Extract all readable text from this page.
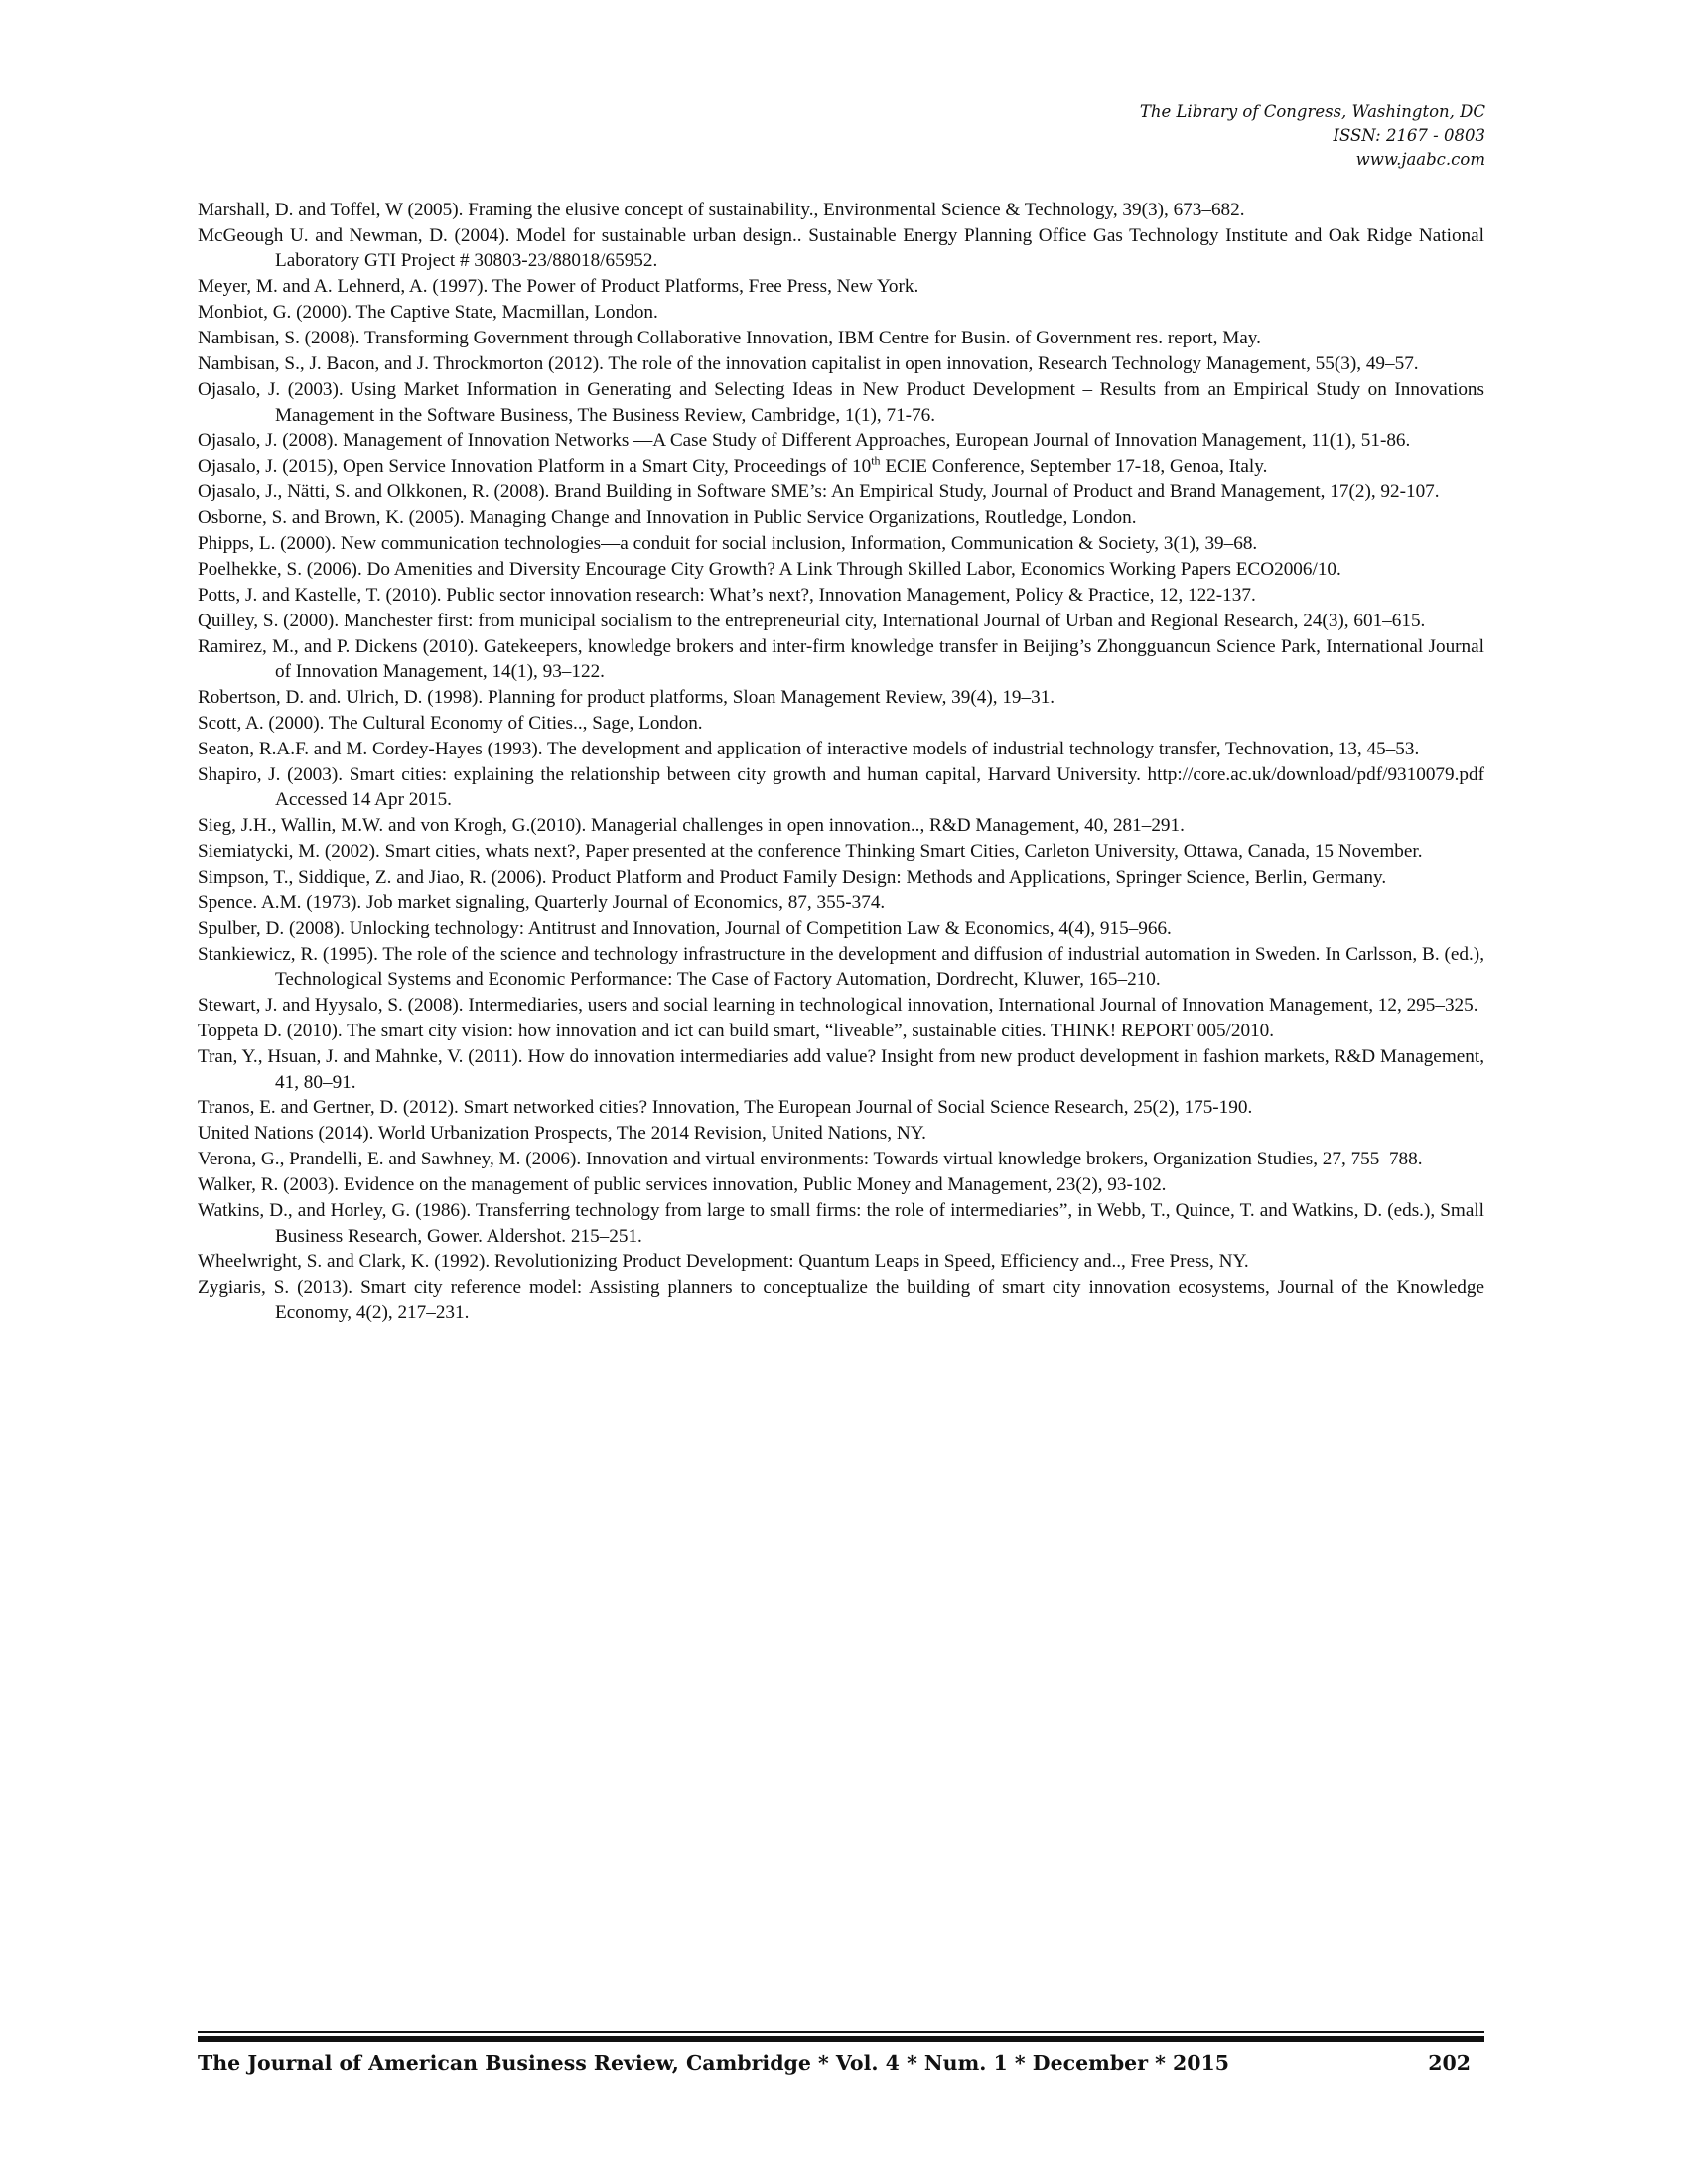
The Library of Congress, Washington, DC
ISSN: 2167 - 0803
www.jaabc.com

Marshall, D. and Toffel, W (2005). Framing the elusive concept of sustainability., Environmental Science & Technology, 39(3), 673–682.

McGeough U. and Newman, D. (2004). Model for sustainable urban design.. Sustainable Energy Planning Office Gas Technology Institute and Oak Ridge National Laboratory GTI Project # 30803-23/88018/65952.

Meyer, M. and A. Lehnerd, A. (1997). The Power of Product Platforms, Free Press, New York.

Monbiot, G. (2000). The Captive State, Macmillan, London.

Nambisan, S. (2008). Transforming Government through Collaborative Innovation, IBM Centre for Busin. of Government res. report, May.

Nambisan, S., J. Bacon, and J. Throckmorton (2012). The role of the innovation capitalist in open innovation, Research Technology Management, 55(3), 49–57.

Ojasalo, J. (2003). Using Market Information in Generating and Selecting Ideas in New Product Development – Results from an Empirical Study on Innovations Management in the Software Business, The Business Review, Cambridge, 1(1), 71-76.

Ojasalo, J. (2008). Management of Innovation Networks —A Case Study of Different Approaches, European Journal of Innovation Management, 11(1), 51-86.

Ojasalo, J. (2015), Open Service Innovation Platform in a Smart City, Proceedings of 10th ECIE Conference, September 17-18, Genoa, Italy.

Ojasalo, J., Nätti, S. and Olkkonen, R. (2008). Brand Building in Software SME’s: An Empirical Study, Journal of Product and Brand Management, 17(2), 92-107.

Osborne, S. and Brown, K. (2005). Managing Change and Innovation in Public Service Organizations, Routledge, London.

Phipps, L. (2000). New communication technologies—a conduit for social inclusion, Information, Communication & Society, 3(1), 39–68.

Poelhekke, S. (2006). Do Amenities and Diversity Encourage City Growth? A Link Through Skilled Labor, Economics Working Papers ECO2006/10.

Potts, J. and Kastelle, T. (2010). Public sector innovation research: What’s next?, Innovation Management, Policy & Practice, 12, 122-137.

Quilley, S. (2000). Manchester first: from municipal socialism to the entrepreneurial city, International Journal of Urban and Regional Research, 24(3), 601–615.

Ramirez, M., and P. Dickens (2010). Gatekeepers, knowledge brokers and inter-firm knowledge transfer in Beijing’s Zhongguancun Science Park, International Journal of Innovation Management, 14(1), 93–122.

Robertson, D. and. Ulrich, D. (1998). Planning for product platforms, Sloan Management Review, 39(4), 19–31.

Scott, A. (2000). The Cultural Economy of Cities.., Sage, London.

Seaton, R.A.F. and M. Cordey-Hayes (1993). The development and application of interactive models of industrial technology transfer, Technovation, 13, 45–53.

Shapiro, J. (2003). Smart cities: explaining the relationship between city growth and human capital, Harvard University. http://core.ac.uk/download/pdf/9310079.pdf Accessed 14 Apr 2015.

Sieg, J.H., Wallin, M.W. and von Krogh, G.(2010). Managerial challenges in open innovation.., R&D Management, 40, 281–291.

Siemiatycki, M. (2002). Smart cities, whats next?, Paper presented at the conference Thinking Smart Cities, Carleton University, Ottawa, Canada, 15 November.

Simpson, T., Siddique, Z. and Jiao, R. (2006). Product Platform and Product Family Design: Methods and Applications, Springer Science, Berlin, Germany.

Spence. A.M. (1973). Job market signaling, Quarterly Journal of Economics, 87, 355-374.

Spulber, D. (2008). Unlocking technology: Antitrust and Innovation, Journal of Competition Law & Economics, 4(4), 915–966.

Stankiewicz, R. (1995). The role of the science and technology infrastructure in the development and diffusion of industrial automation in Sweden. In Carlsson, B. (ed.), Technological Systems and Economic Performance: The Case of Factory Automation, Dordrecht, Kluwer, 165–210.

Stewart, J. and Hyysalo, S. (2008). Intermediaries, users and social learning in technological innovation, International Journal of Innovation Management, 12, 295–325.

Toppeta D. (2010). The smart city vision: how innovation and ict can build smart, “liveable”, sustainable cities. THINK! REPORT 005/2010.

Tran, Y., Hsuan, J. and Mahnke, V. (2011). How do innovation intermediaries add value? Insight from new product development in fashion markets, R&D Management, 41, 80–91.

Tranos, E. and Gertner, D. (2012). Smart networked cities? Innovation, The European Journal of Social Science Research, 25(2), 175-190.

United Nations (2014). World Urbanization Prospects, The 2014 Revision, United Nations, NY.

Verona, G., Prandelli, E. and Sawhney, M. (2006). Innovation and virtual environments: Towards virtual knowledge brokers, Organization Studies, 27, 755–788.

Walker, R. (2003). Evidence on the management of public services innovation, Public Money and Management, 23(2), 93-102.

Watkins, D., and Horley, G. (1986). Transferring technology from large to small firms: the role of intermediaries”, in Webb, T., Quince, T. and Watkins, D. (eds.), Small Business Research, Gower. Aldershot. 215–251.

Wheelwright, S. and Clark, K. (1992). Revolutionizing Product Development: Quantum Leaps in Speed, Efficiency and.., Free Press, NY.

Zygiaris, S. (2013). Smart city reference model: Assisting planners to conceptualize the building of smart city innovation ecosystems, Journal of the Knowledge Economy, 4(2), 217–231.

The Journal of American Business Review, Cambridge * Vol. 4 * Num. 1 * December * 2015	202
